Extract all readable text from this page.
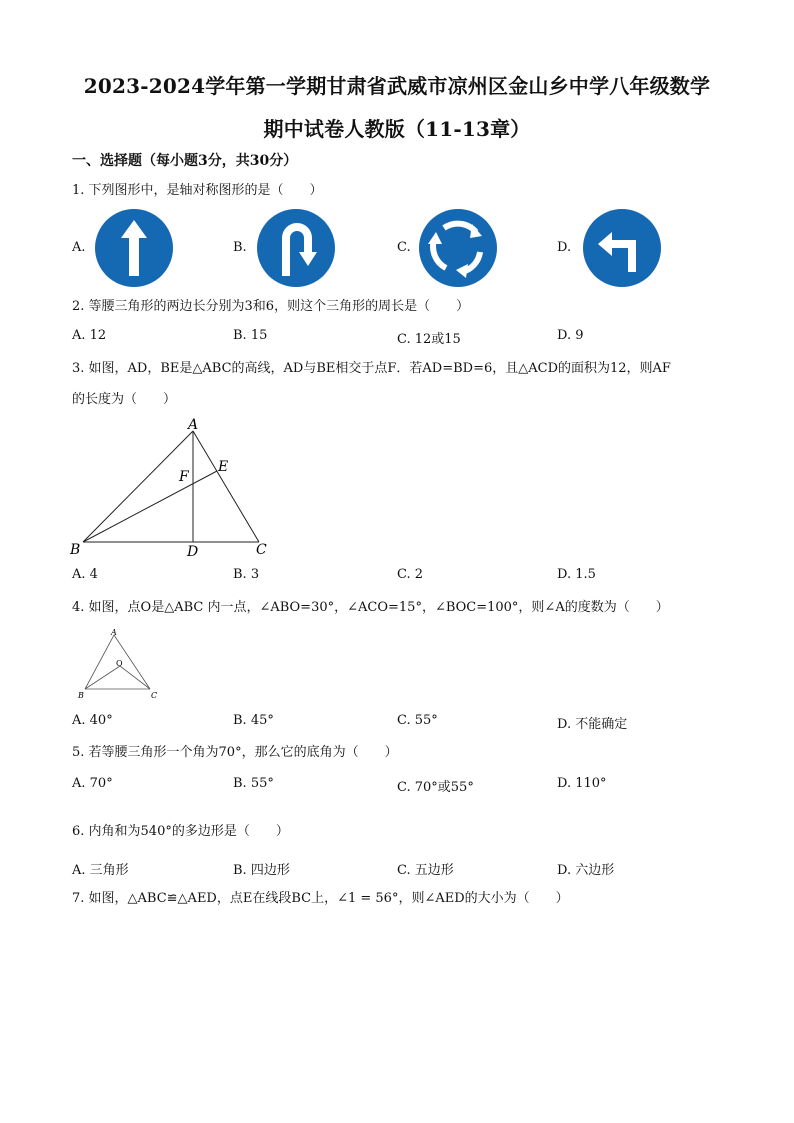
2023-2024学年第一学期甘肃省武威市凉州区金山乡中学八年级数学
期中试卷人教版（11-13章）
一、选择题（每小题3分，共30分）
1. 下列图形中，是轴对称图形的是（　　）
A.	B.	C.	D.
2. 等腰三角形的两边长分别为3和6，则这个三角形的周长是（　　）
A. 12	B. 15	C. 12或15	D. 9
3. 如图，AD，BE是△ABC的高线，AD与BE相交于点F．若AD=BD=6，且△ACD的面积为12，则AF
的长度为（　　）
A
B	C
D
E
F
A. 4	B. 3	C. 2	D. 1.5
4. 如图，点O是△ABC 内一点，∠ABO=30°，∠ACO=15°，∠BOC=100°，则∠A的度数为（　　）
A
B	C
O
A. 40°	B. 45°	C. 55°	D. 不能确定
5. 若等腰三角形一个角为70°，那么它的底角为（　　）
A. 70°	B. 55°	C. 70°或55°	D. 110°
6. 内角和为540°的多边形是（　　）
A. 三角形	B. 四边形	C. 五边形	D. 六边形
7. 如图，△ABC≌△AED，点E在线段BC上，∠1 = 56°，则∠AED的大小为（　　）
